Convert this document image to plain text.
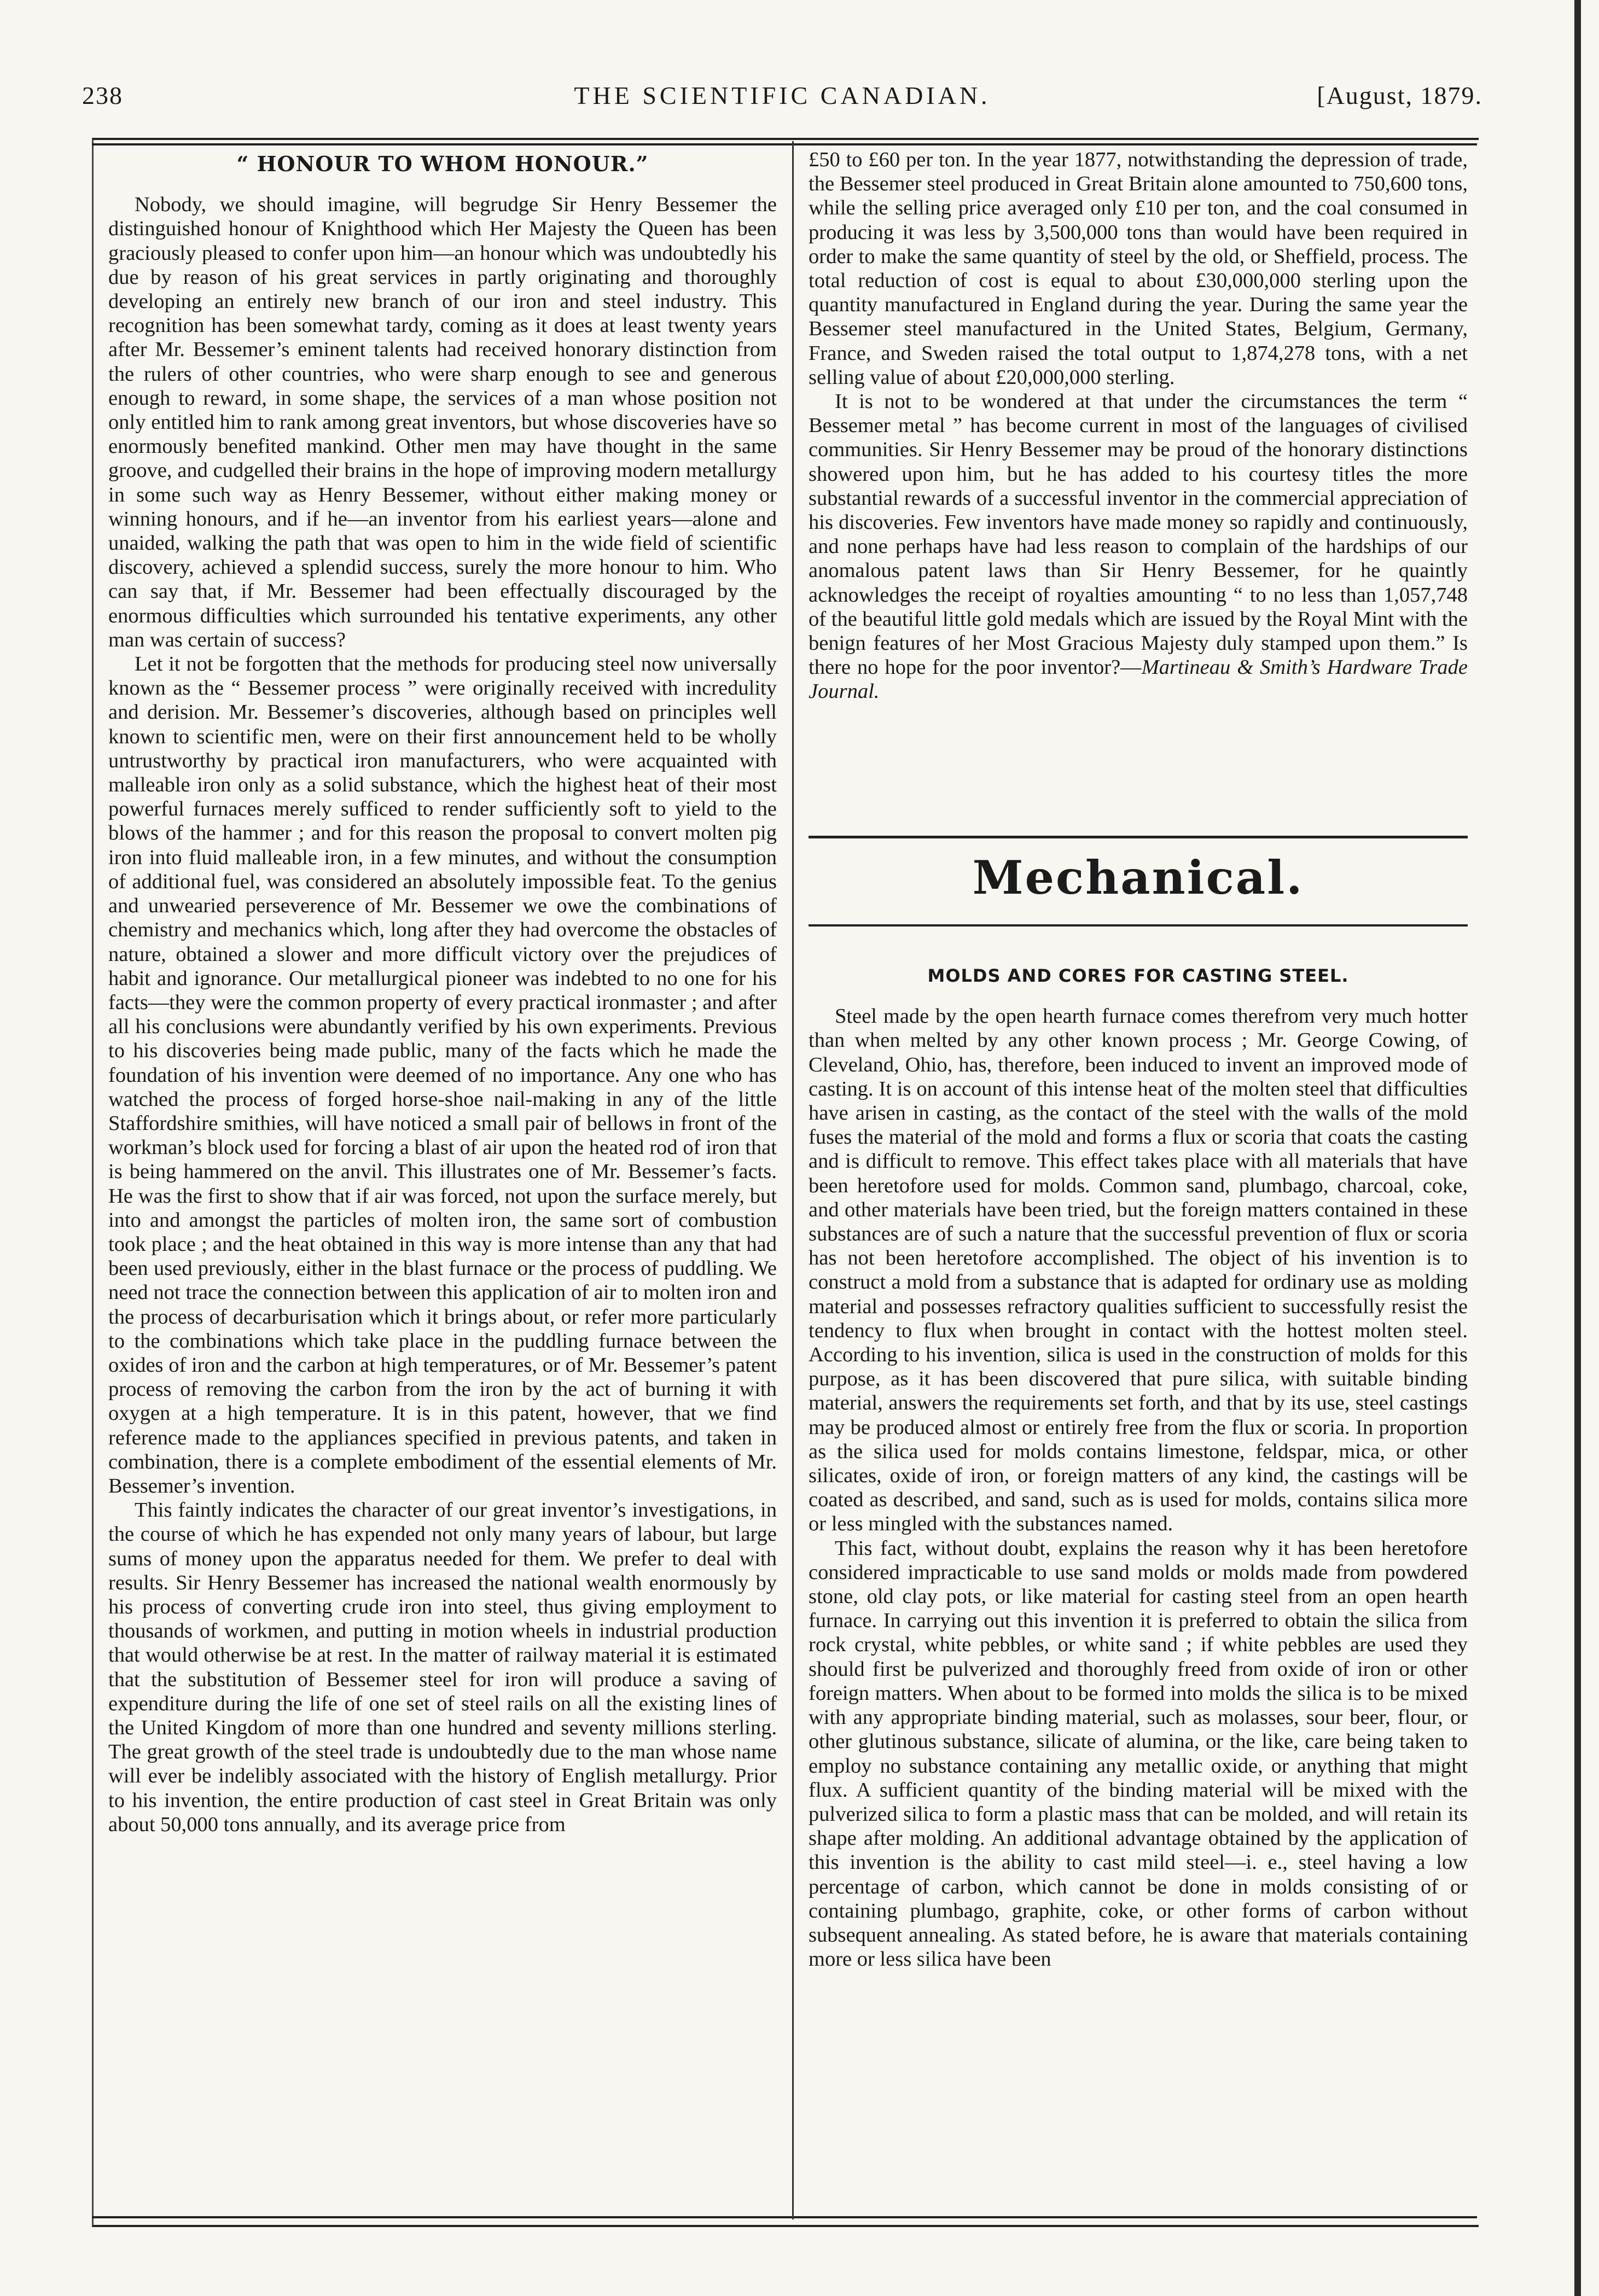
238	THE SCIENTIFIC CANADIAN.	[August, 1879.
“ HONOUR TO WHOM HONOUR.”

Nobody, we should imagine, will begrudge Sir Henry Bessemer the distinguished honour of Knighthood which Her Majesty the Queen has been graciously pleased to confer upon him—an honour which was undoubtedly his due by reason of his great services in partly originating and thoroughly developing an entirely new branch of our iron and steel industry. This recognition has been somewhat tardy, coming as it does at least twenty years after Mr. Bessemer’s eminent talents had received honorary distinction from the rulers of other countries, who were sharp enough to see and generous enough to reward, in some shape, the services of a man whose position not only entitled him to rank among great inventors, but whose discoveries have so enormously benefited mankind. Other men may have thought in the same groove, and cudgelled their brains in the hope of improving modern metallurgy in some such way as Henry Bessemer, without either making money or winning honours, and if he—an inventor from his earliest years—alone and unaided, walking the path that was open to him in the wide field of scientific discovery, achieved a splendid success, surely the more honour to him. Who can say that, if Mr. Bessemer had been effectually discouraged by the enormous difficulties which surrounded his tentative experiments, any other man was certain of success?

Let it not be forgotten that the methods for producing steel now universally known as the “ Bessemer process ” were originally received with incredulity and derision. Mr. Bessemer’s discoveries, although based on principles well known to scientific men, were on their first announcement held to be wholly untrustworthy by practical iron manufacturers, who were acquainted with malleable iron only as a solid substance, which the highest heat of their most powerful furnaces merely sufficed to render sufficiently soft to yield to the blows of the hammer ; and for this reason the proposal to convert molten pig iron into fluid malleable iron, in a few minutes, and without the consumption of additional fuel, was considered an absolutely impossible feat. To the genius and unwearied perseverence of Mr. Bessemer we owe the combinations of chemistry and mechanics which, long after they had overcome the obstacles of nature, obtained a slower and more difficult victory over the prejudices of habit and ignorance. Our metallurgical pioneer was indebted to no one for his facts—they were the common property of every practical ironmaster ; and after all his conclusions were abundantly verified by his own experiments. Previous to his discoveries being made public, many of the facts which he made the foundation of his invention were deemed of no importance. Any one who has watched the process of forged horse-shoe nail-making in any of the little Staffordshire smithies, will have noticed a small pair of bellows in front of the workman’s block used for forcing a blast of air upon the heated rod of iron that is being hammered on the anvil. This illustrates one of Mr. Bessemer’s facts. He was the first to show that if air was forced, not upon the surface merely, but into and amongst the particles of molten iron, the same sort of combustion took place ; and the heat obtained in this way is more intense than any that had been used previously, either in the blast furnace or the process of puddling. We need not trace the connection between this application of air to molten iron and the process of decarburisation which it brings about, or refer more particularly to the combinations which take place in the puddling furnace between the oxides of iron and the carbon at high temperatures, or of Mr. Bessemer’s patent process of removing the carbon from the iron by the act of burning it with oxygen at a high temperature. It is in this patent, however, that we find reference made to the appliances specified in previous patents, and taken in combination, there is a complete embodiment of the essential elements of Mr. Bessemer’s invention.

This faintly indicates the character of our great inventor’s investigations, in the course of which he has expended not only many years of labour, but large sums of money upon the apparatus needed for them. We prefer to deal with results. Sir Henry Bessemer has increased the national wealth enormously by his process of converting crude iron into steel, thus giving employment to thousands of workmen, and putting in motion wheels in industrial production that would otherwise be at rest. In the matter of railway material it is estimated that the substitution of Bessemer steel for iron will produce a saving of expenditure during the life of one set of steel rails on all the existing lines of the United Kingdom of more than one hundred and seventy millions sterling. The great growth of the steel trade is undoubtedly due to the man whose name will ever be indelibly associated with the history of English metallurgy. Prior to his invention, the entire production of cast steel in Great Britain was only about 50,000 tons annually, and its average price from

£50 to £60 per ton. In the year 1877, notwithstanding the depression of trade, the Bessemer steel produced in Great Britain alone amounted to 750,600 tons, while the selling price averaged only £10 per ton, and the coal consumed in producing it was less by 3,500,000 tons than would have been required in order to make the same quantity of steel by the old, or Sheffield, process. The total reduction of cost is equal to about £30,000,000 sterling upon the quantity manufactured in England during the year. During the same year the Bessemer steel manufactured in the United States, Belgium, Germany, France, and Sweden raised the total output to 1,874,278 tons, with a net selling value of about £20,000,000 sterling.

It is not to be wondered at that under the circumstances the term “ Bessemer metal ” has become current in most of the languages of civilised communities. Sir Henry Bessemer may be proud of the honorary distinctions showered upon him, but he has added to his courtesy titles the more substantial rewards of a successful inventor in the commercial appreciation of his discoveries. Few inventors have made money so rapidly and continuously, and none perhaps have had less reason to complain of the hardships of our anomalous patent laws than Sir Henry Bessemer, for he quaintly acknowledges the receipt of royalties amounting “ to no less than 1,057,748 of the beautiful little gold medals which are issued by the Royal Mint with the benign features of her Most Gracious Majesty duly stamped upon them.” Is there no hope for the poor inventor?—Martineau & Smith’s Hardware Trade Journal.

Mechanical.
MOLDS AND CORES FOR CASTING STEEL.

Steel made by the open hearth furnace comes therefrom very much hotter than when melted by any other known process ; Mr. George Cowing, of Cleveland, Ohio, has, therefore, been induced to invent an improved mode of casting. It is on account of this intense heat of the molten steel that difficulties have arisen in casting, as the contact of the steel with the walls of the mold fuses the material of the mold and forms a flux or scoria that coats the casting and is difficult to remove. This effect takes place with all materials that have been heretofore used for molds. Common sand, plumbago, charcoal, coke, and other materials have been tried, but the foreign matters contained in these substances are of such a nature that the successful prevention of flux or scoria has not been heretofore accomplished. The object of his invention is to construct a mold from a substance that is adapted for ordinary use as molding material and possesses refractory qualities sufficient to successfully resist the tendency to flux when brought in contact with the hottest molten steel. According to his invention, silica is used in the construction of molds for this purpose, as it has been discovered that pure silica, with suitable binding material, answers the requirements set forth, and that by its use, steel castings may be produced almost or entirely free from the flux or scoria. In proportion as the silica used for molds contains limestone, feldspar, mica, or other silicates, oxide of iron, or foreign matters of any kind, the castings will be coated as described, and sand, such as is used for molds, contains silica more or less mingled with the substances named.

This fact, without doubt, explains the reason why it has been heretofore considered impracticable to use sand molds or molds made from powdered stone, old clay pots, or like material for casting steel from an open hearth furnace. In carrying out this invention it is preferred to obtain the silica from rock crystal, white pebbles, or white sand ; if white pebbles are used they should first be pulverized and thoroughly freed from oxide of iron or other foreign matters. When about to be formed into molds the silica is to be mixed with any appropriate binding material, such as molasses, sour beer, flour, or other glutinous substance, silicate of alumina, or the like, care being taken to employ no substance containing any metallic oxide, or anything that might flux. A sufficient quantity of the binding material will be mixed with the pulverized silica to form a plastic mass that can be molded, and will retain its shape after molding. An additional advantage obtained by the application of this invention is the ability to cast mild steel—i. e., steel having a low percentage of carbon, which cannot be done in molds consisting of or containing plumbago, graphite, coke, or other forms of carbon without subsequent annealing. As stated before, he is aware that materials containing more or less silica have been
